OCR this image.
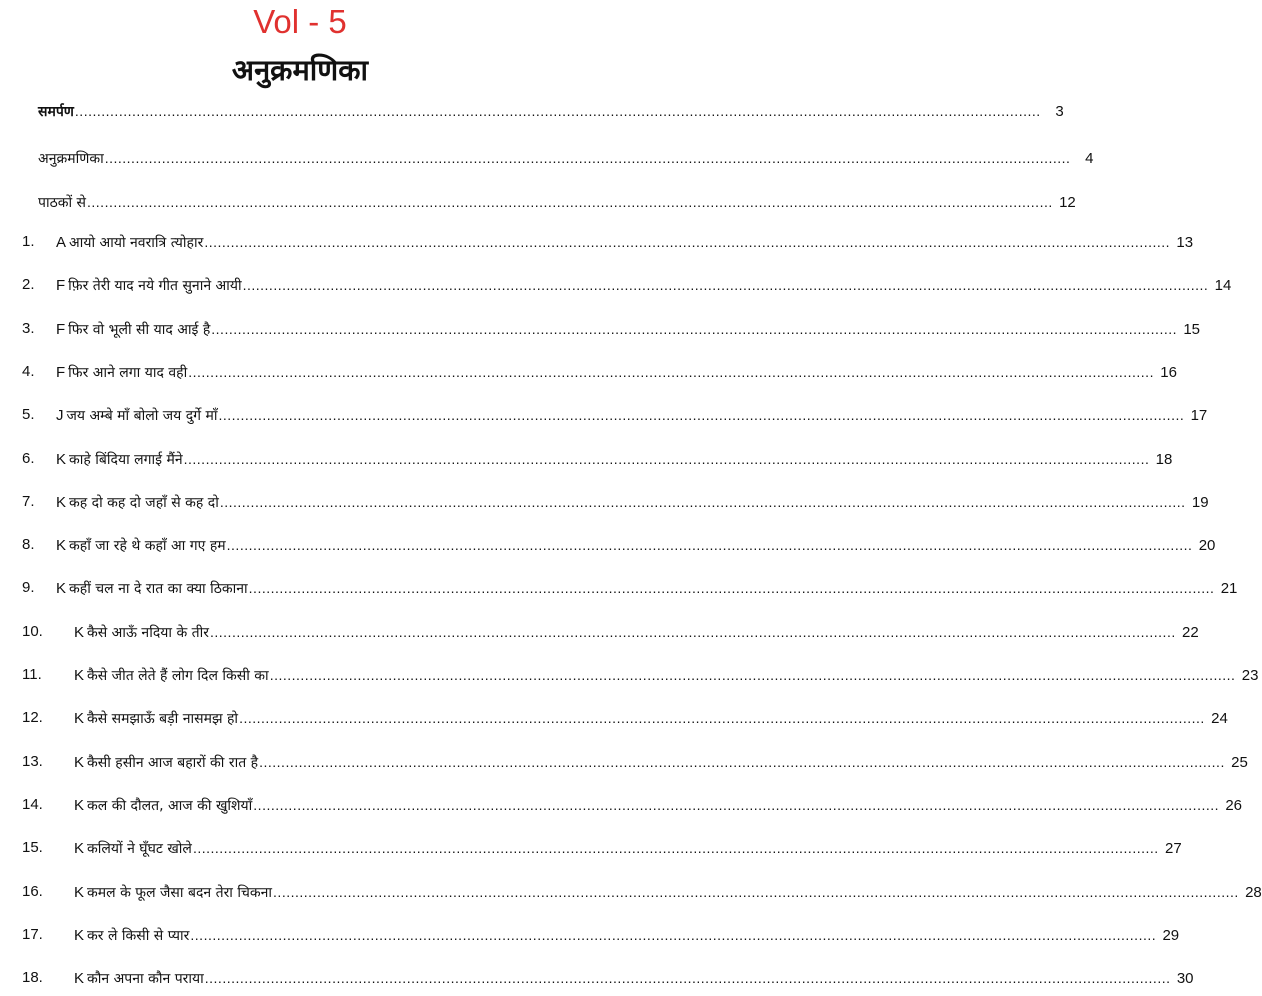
Vol - 5
अनुक्रमणिका
समर्पण ............................................................................................................................................................................................................................ 3
अनुक्रमणिका ............................................................................................................................................................................................................................ 4
पाठकों से ............................................................................................................................................................................................................................ 12
1. A आयो आयो नवरात्रि त्योहार ............................................................................................................................................................................................................................ 13
2. F फ़िर तेरी याद नये गीत सुनाने आयी ............................................................................................................................................................................................................................ 14
3. F फिर वो भूली सी याद आई है ............................................................................................................................................................................................................................ 15
4. F फिर आने लगा याद वही ............................................................................................................................................................................................................................ 16
5. J जय अम्बे माँ बोलो जय दुर्गे माँ ............................................................................................................................................................................................................................ 17
6. K काहे बिंदिया लगाई मैंने ............................................................................................................................................................................................................................ 18
7. K कह दो कह दो जहाँ से कह दो ............................................................................................................................................................................................................................ 19
8. K कहाँ जा रहे थे कहाँ आ गए हम ............................................................................................................................................................................................................................ 20
9. K कहीं चल ना दे रात का क्या ठिकाना ............................................................................................................................................................................................................................ 21
10. K कैसे आऊँ नदिया के तीर ............................................................................................................................................................................................................................ 22
11. K कैसे जीत लेते हैं लोग दिल किसी का ............................................................................................................................................................................................................................ 23
12. K कैसे समझाऊँ बड़ी नासमझ हो ............................................................................................................................................................................................................................ 24
13. K कैसी हसीन आज बहारों की रात है ............................................................................................................................................................................................................................ 25
14. K कल की दौलत, आज की खुशियाँ ............................................................................................................................................................................................................................ 26
15. K कलियों ने घूँघट खोले ............................................................................................................................................................................................................................ 27
16. K कमल के फूल जैसा बदन तेरा चिकना ............................................................................................................................................................................................................................ 28
17. K कर ले किसी से प्यार ............................................................................................................................................................................................................................ 29
18. K कौन अपना कौन पराया ............................................................................................................................................................................................................................ 30
